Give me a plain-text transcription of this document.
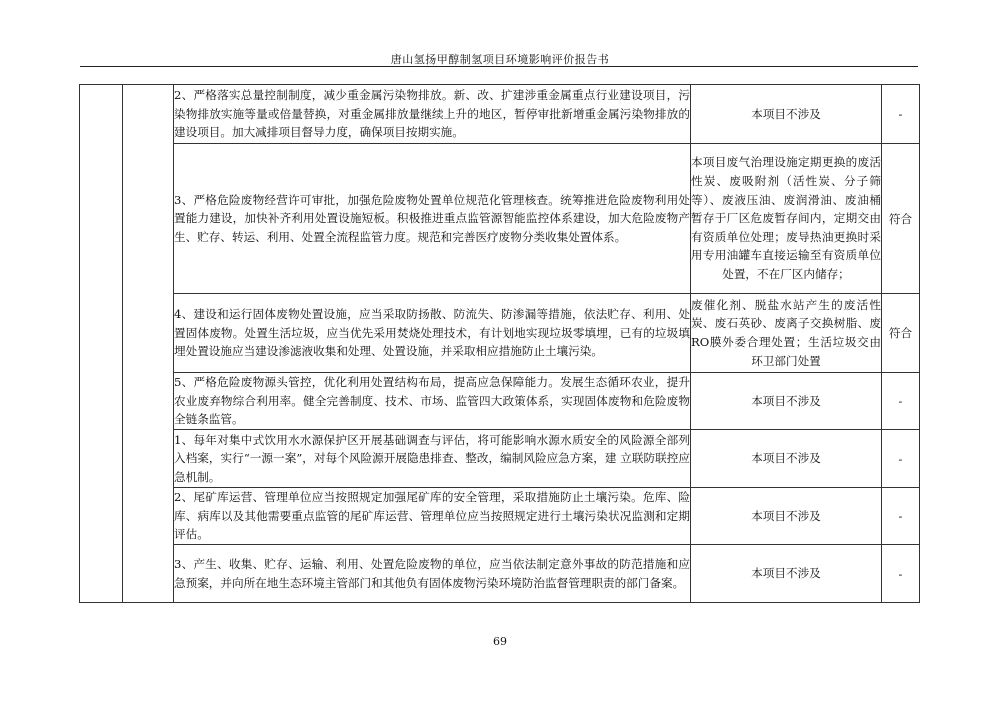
唐山氢扬甲醇制氢项目环境影响评价报告书
		2、严格落实总量控制制度，减少重金属污染物排放。新、改、扩建涉重金属重点行业建设项目，污染物排放实施等量或倍量替换，对重金属排放量继续上升的地区，暂停审批新增重金属污染物排放的建设项目。加大减排项目督导力度，确保项目按期实施。	本项目不涉及	-
		3、严格危险废物经营许可审批，加强危险废物处置单位规范化管理核查。统筹推进危险废物利用处置能力建设，加快补齐利用处置设施短板。积极推进重点监管源智能监控体系建设，加大危险废物产生、贮存、转运、利用、处置全流程监管力度。规范和完善医疗废物分类收集处置体系。	本项目废气治理设施定期更换的废活性炭、废吸附剂（活性炭、分子筛等）、废液压油、废润滑油、废油桶暂存于厂区危废暂存间内，定期交由有资质单位处理；废导热油更换时采用专用油罐车直接运输至有资质单位处置，不在厂区内储存；	符合
		4、建设和运行固体废物处置设施，应当采取防扬散、防流失、防渗漏等措施，依法贮存、利用、处置固体废物。处置生活垃圾，应当优先采用焚烧处理技术，有计划地实现垃圾零填埋，已有的垃圾填埋处置设施应当建设渗滤液收集和处理、处置设施，并采取相应措施防止土壤污染。	废催化剂、脱盐水站产生的废活性炭、废石英砂、废离子交换树脂、废RO膜外委合理处置；生活垃圾交由环卫部门处置	符合
		5、严格危险废物源头管控，优化利用处置结构布局，提高应急保障能力。发展生态循环农业，提升农业废弃物综合利用率。健全完善制度、技术、市场、监管四大政策体系，实现固体废物和危险废物全链条监管。	本项目不涉及	-
		1、每年对集中式饮用水水源保护区开展基础调查与评估，将可能影响水源水质安全的风险源全部列入档案，实行“一源一案”，对每个风险源开展隐患排查、整改，编制风险应急方案，建 立联防联控应急机制。	本项目不涉及	-
		2、尾矿库运营、管理单位应当按照规定加强尾矿库的安全管理，采取措施防止土壤污染。危库、险库、病库以及其他需要重点监管的尾矿库运营、管理单位应当按照规定进行土壤污染状况监测和定期评估。	本项目不涉及	-
		3、产生、收集、贮存、运输、利用、处置危险废物的单位，应当依法制定意外事故的防范措施和应急预案，并向所在地生态环境主管部门和其他负有固体废物污染环境防治监督管理职责的部门备案。	本项目不涉及	-
69
